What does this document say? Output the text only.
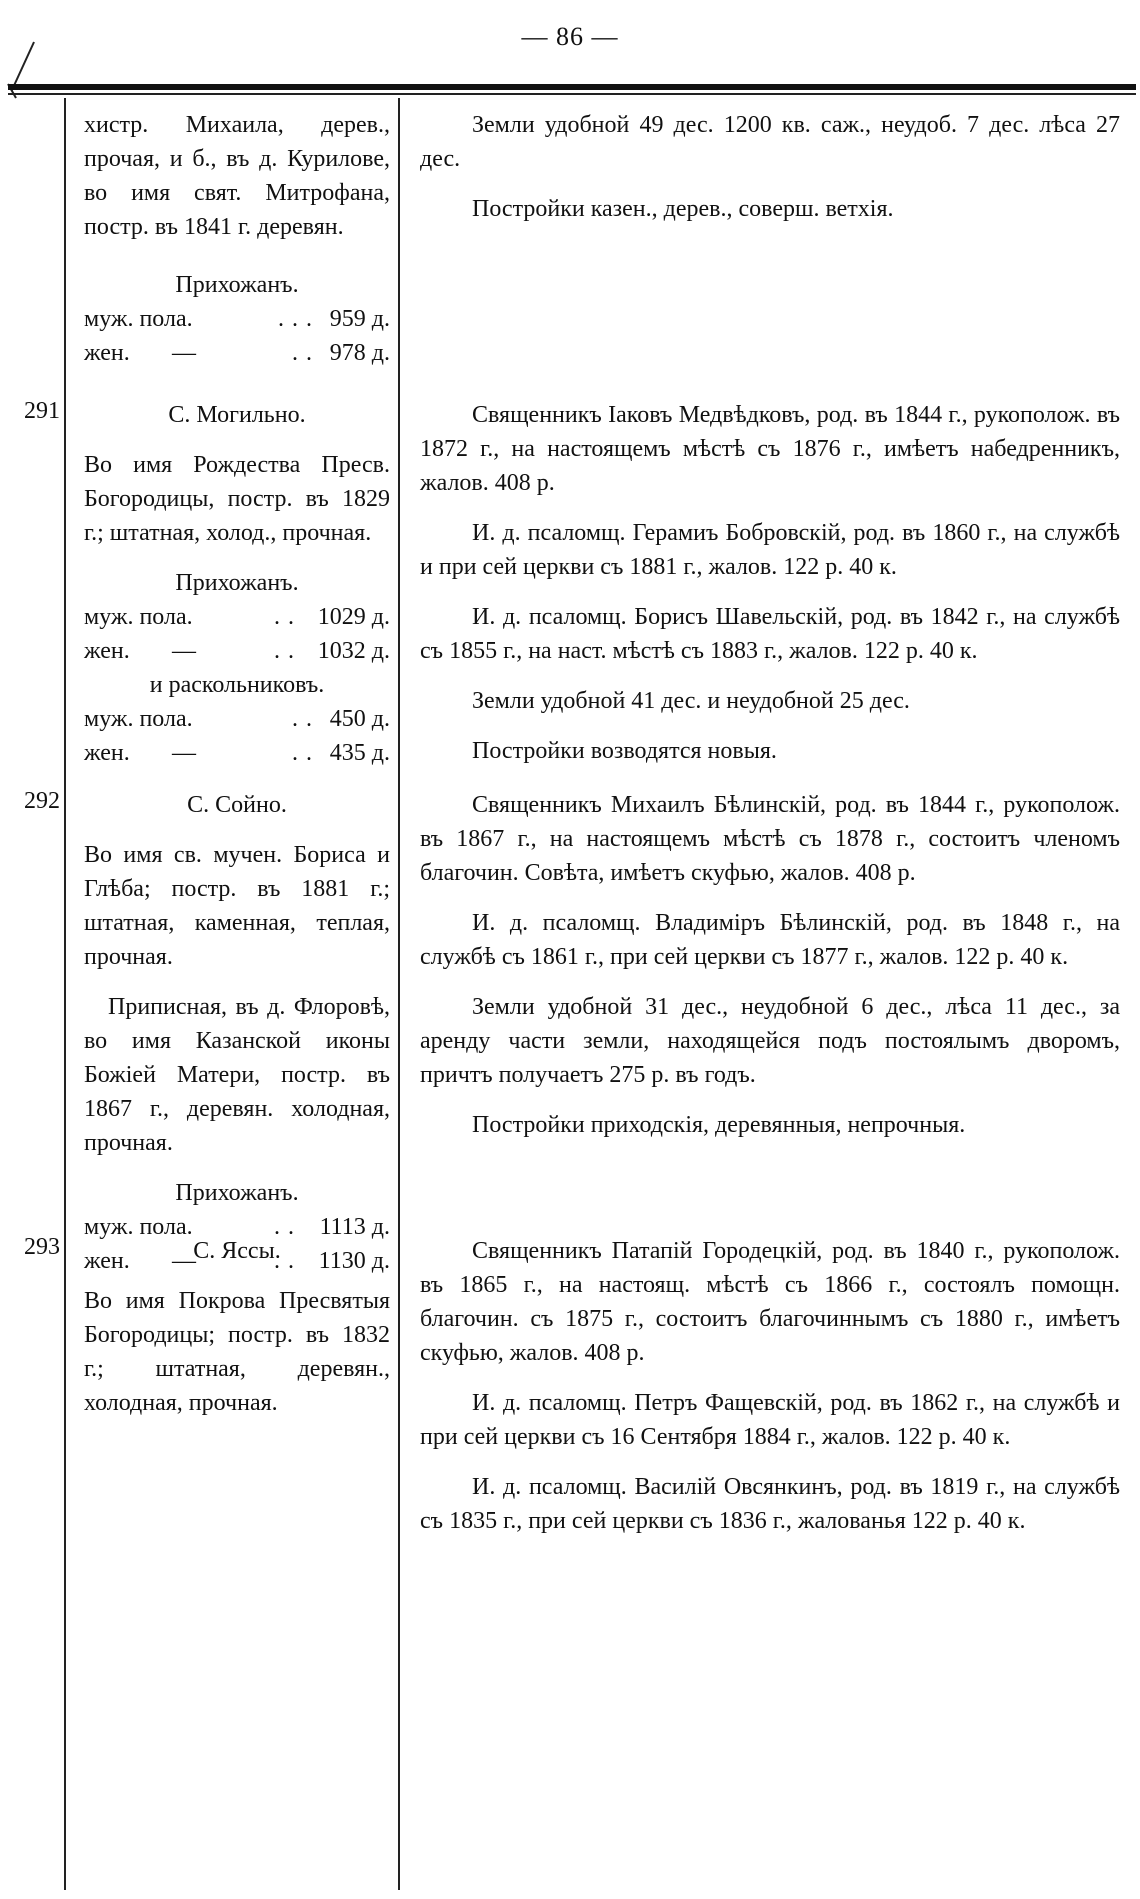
— 86 —

хистр. Михаила, дерев., прочая, и б., въ д. Курилове, во имя свят. Митрофана, постр. въ 1841 г. деревян.

Прихожанъ.

муж. пола.	... 959 д.
жен.	—	.. 978 д.

Земли удобной 49 дес. 1200 кв. саж., неудоб. 7 дес. лѣса 27 дес.

Постройки казен., дерев., соверш. ветхія.

291	С. Могильно.

Во имя Рождества Пресв. Богородицы, постр. въ 1829 г.; штатная, холод., прочная.

Прихожанъ.

муж. пола.	.. 1029 д.
жен.	—	.. 1032 д.

и раскольниковъ.

муж. пола.	.. 450 д.
жен.	—	.. 435 д.

Священникъ Іаковъ Медвѣдковъ, род. въ 1844 г., рукополож. въ 1872 г., на настоящемъ мѣстѣ съ 1876 г., имѣетъ набедренникъ, жалов. 408 р.

И. д. псаломщ. Герамиъ Бобровскій, род. въ 1860 г., на службѣ и при сей церкви съ 1881 г., жалов. 122 р. 40 к.

И. д. псаломщ. Борисъ Шавельскій, род. въ 1842 г., на службѣ съ 1855 г., на наст. мѣстѣ съ 1883 г., жалов. 122 р. 40 к.

Земли удобной 41 дес. и неудобной 25 дес.

Постройки возводятся новыя.

292	С. Сойно.

Во имя св. мучен. Бориса и Глѣба; постр. въ 1881 г.; штатная, каменная, теплая, прочная.

Приписная, въ д. Флоровѣ, во имя Казанской иконы Божіей Матери, постр. въ 1867 г., деревян. холодная, прочная.

Прихожанъ.

муж. пола.	.. 1113 д.
жен.	—	.. 1130 д.

Священникъ Михаилъ Бѣлинскій, род. въ 1844 г., рукополож. въ 1867 г., на настоящемъ мѣстѣ съ 1878 г., состоитъ членомъ благочин. Совѣта, имѣетъ скуфью, жалов. 408 р.

И. д. псаломщ. Владиміръ Бѣлинскій, род. въ 1848 г., на службѣ съ 1861 г., при сей церкви съ 1877 г., жалов. 122 р. 40 к.

Земли удобной 31 дес., неудобной 6 дес., лѣса 11 дес., за аренду части земли, находящейся подъ постоялымъ дворомъ, причтъ получаетъ 275 р. въ годъ.

Постройки приходскія, деревянныя, непрочныя.

293	С. Яссы.

Во имя Покрова Пресвятыя Богородицы; постр. въ 1832 г.; штатная, деревян., холодная, прочная.

Священникъ Патапій Городецкій, род. въ 1840 г., рукополож. въ 1865 г., на настоящ. мѣстѣ съ 1866 г., состоялъ помощн. благочин. съ 1875 г., состоитъ благочиннымъ съ 1880 г., имѣетъ скуфью, жалов. 408 р.

И. д. псаломщ. Петръ Фащевскій, род. въ 1862 г., на службѣ и при сей церкви съ 16 Сентября 1884 г., жалов. 122 р. 40 к.

И. д. псаломщ. Василій Овсянкинъ, род. въ 1819 г., на службѣ съ 1835 г., при сей церкви съ 1836 г., жалованья 122 р. 40 к.
